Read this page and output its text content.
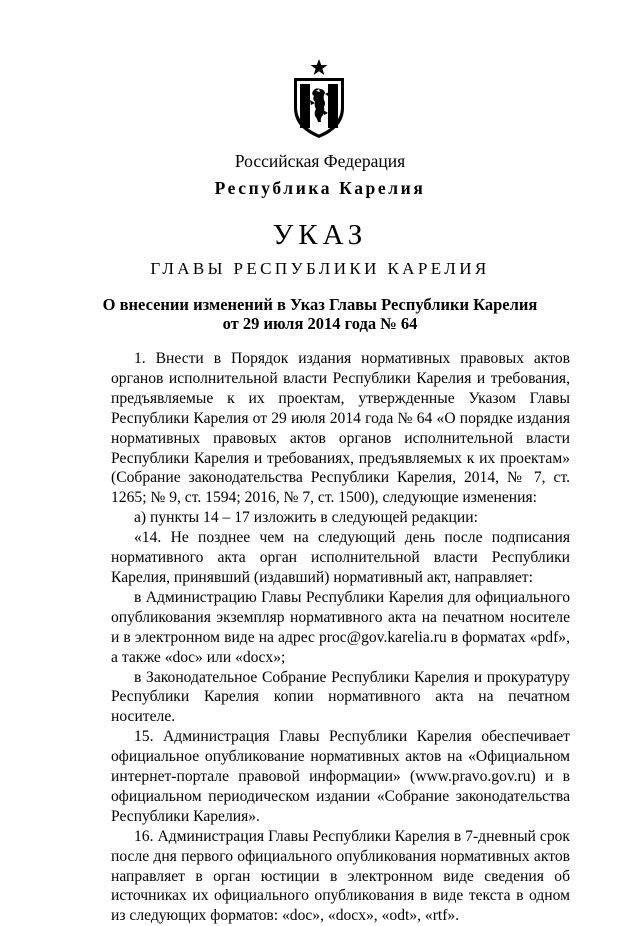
Российская Федерация
Республика Карелия
УКАЗ
ГЛАВЫ РЕСПУБЛИКИ КАРЕЛИЯ
О внесении изменений в Указ Главы Республики Карелия
от 29 июля 2014 года № 64

1. Внести в Порядок издания нормативных правовых актов органов исполнительной власти Республики Карелия и требования, предъявляемые к их проектам, утвержденные Указом Главы Республики Карелия от 29 июля 2014 года № 64 «О порядке издания нормативных правовых актов органов исполнительной власти Республики Карелия и требованиях, предъявляемых к их проектам» (Собрание законодательства Республики Карелия, 2014, № 7, ст. 1265; № 9, ст. 1594; 2016, № 7, ст. 1500), следующие изменения:

а) пункты 14 – 17 изложить в следующей редакции:

«14. Не позднее чем на следующий день после подписания нормативного акта орган исполнительной власти Республики Карелия, принявший (издавший) нормативный акт, направляет:

в Администрацию Главы Республики Карелия для официального опубликования экземпляр нормативного акта на печатном носителе и в электронном виде на адрес proc@gov.karelia.ru в форматах «pdf», а также «doc» или «docx»;

в Законодательное Собрание Республики Карелия и прокуратуру Республики Карелия копии нормативного акта на печатном носителе.

15. Администрация Главы Республики Карелия обеспечивает официальное опубликование нормативных актов на «Официальном интернет-портале правовой информации» (www.pravo.gov.ru) и в официальном периодическом издании «Собрание законодательства Республики Карелия».

16. Администрация Главы Республики Карелия в 7-дневный срок после дня первого официального опубликования нормативных актов направляет в орган юстиции в электронном виде сведения об источниках их официального опубликования в виде текста в одном из следующих форматов: «doc», «docx», «odt», «rtf».
